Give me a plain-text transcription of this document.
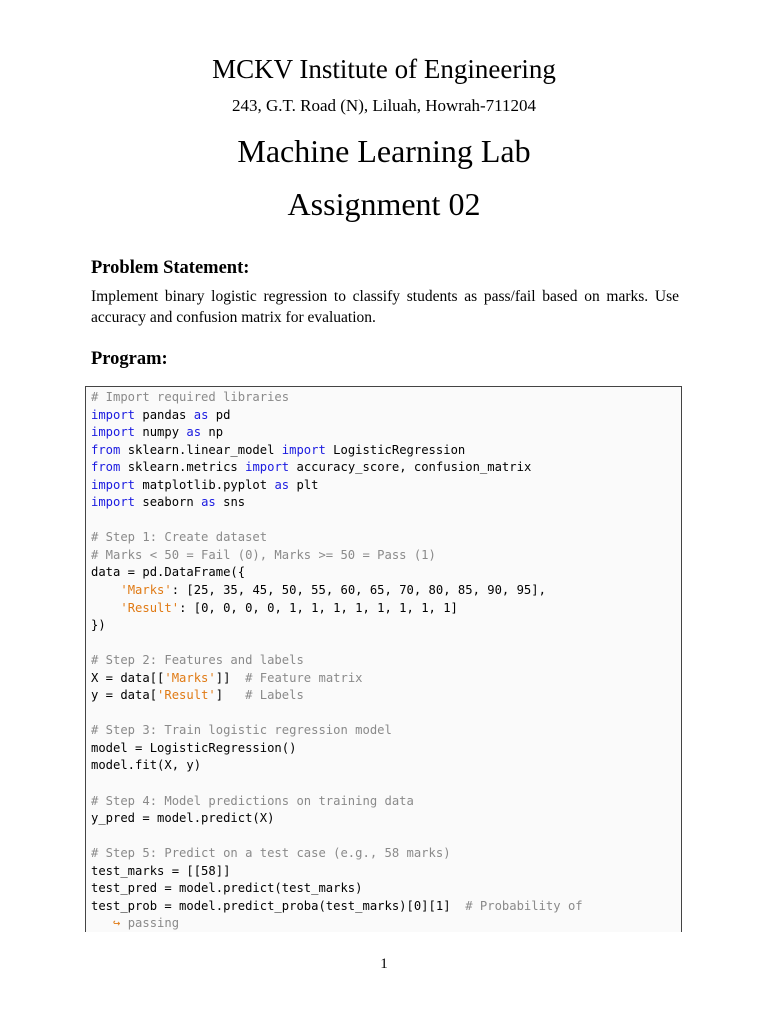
MCKV Institute of Engineering
243, G.T. Road (N), Liluah, Howrah-711204
Machine Learning Lab
Assignment 02
Problem Statement:
Implement binary logistic regression to classify students as pass/fail based on marks. Use accuracy and confusion matrix for evaluation.
Program:
# Import required libraries
import pandas as pd
import numpy as np
from sklearn.linear_model import LogisticRegression
from sklearn.metrics import accuracy_score, confusion_matrix
import matplotlib.pyplot as plt
import seaborn as sns
# Step 1: Create dataset
# Marks < 50 = Fail (0), Marks >= 50 = Pass (1)
data = pd.DataFrame({
'Marks': [25, 35, 45, 50, 55, 60, 65, 70, 80, 85, 90, 95],
'Result': [0, 0, 0, 0, 1, 1, 1, 1, 1, 1, 1, 1]
})
# Step 2: Features and labels
X = data[['Marks']]  # Feature matrix
y = data['Result']   # Labels
# Step 3: Train logistic regression model
model = LogisticRegression()
model.fit(X, y)
# Step 4: Model predictions on training data
y_pred = model.predict(X)
# Step 5: Predict on a test case (e.g., 58 marks)
test_marks = [[58]]
test_pred = model.predict(test_marks)
test_prob = model.predict_proba(test_marks)[0][1]  # Probability of
↪ passing
1
